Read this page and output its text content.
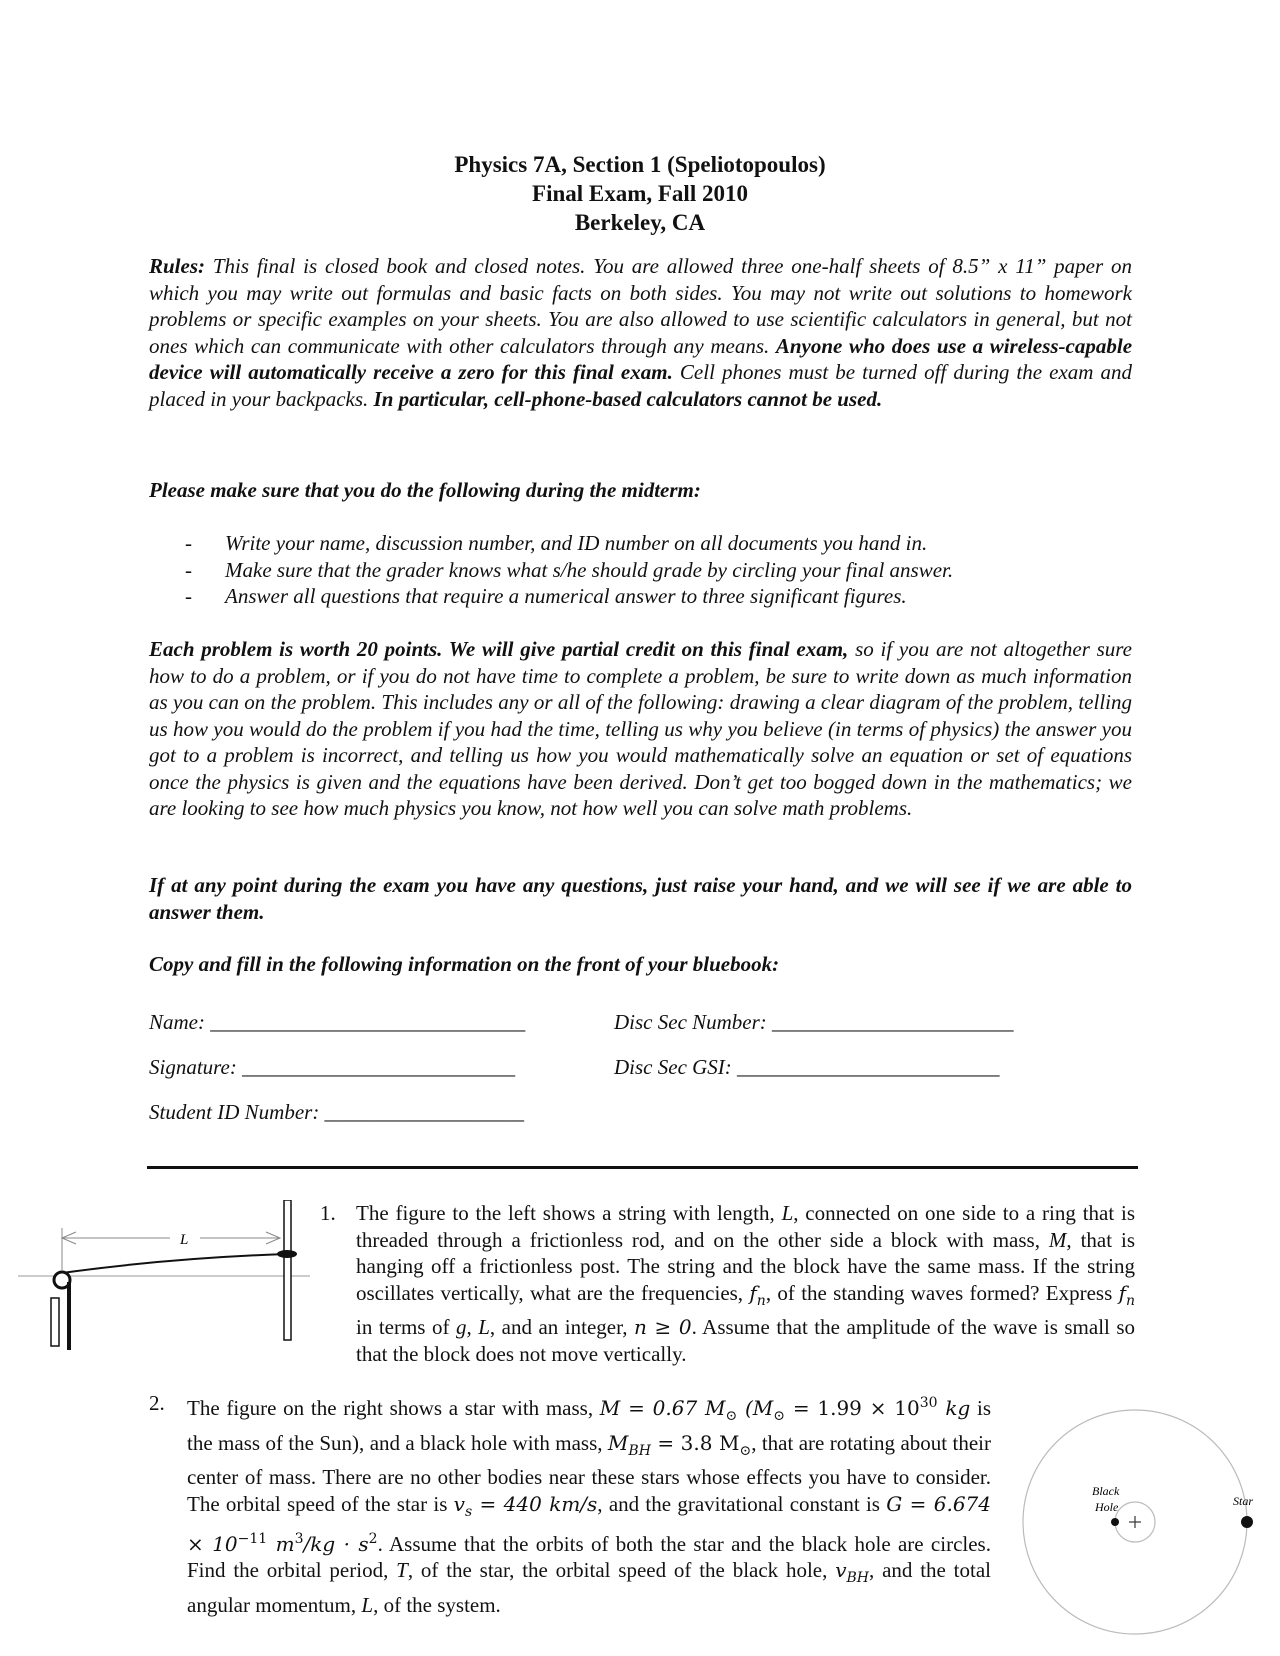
Physics 7A, Section 1 (Speliotopoulos)
Final Exam, Fall 2010
Berkeley, CA
Rules: This final is closed book and closed notes. You are allowed three one-half sheets of 8.5” x 11” paper on which you may write out formulas and basic facts on both sides. You may not write out solutions to homework problems or specific examples on your sheets. You are also allowed to use scientific calculators in general, but not ones which can communicate with other calculators through any means. Anyone who does use a wireless-capable device will automatically receive a zero for this final exam. Cell phones must be turned off during the exam and placed in your backpacks. In particular, cell-phone-based calculators cannot be used.
Please make sure that you do the following during the midterm:
-	Write your name, discussion number, and ID number on all documents you hand in.
-	Make sure that the grader knows what s/he should grade by circling your final answer.
-	Answer all questions that require a numerical answer to three significant figures.
Each problem is worth 20 points. We will give partial credit on this final exam, so if you are not altogether sure how to do a problem, or if you do not have time to complete a problem, be sure to write down as much information as you can on the problem. This includes any or all of the following: drawing a clear diagram of the problem, telling us how you would do the problem if you had the time, telling us why you believe (in terms of physics) the answer you got to a problem is incorrect, and telling us how you would mathematically solve an equation or set of equations once the physics is given and the equations have been derived. Don’t get too bogged down in the mathematics; we are looking to see how much physics you know, not how well you can solve math problems.
If at any point during the exam you have any questions, just raise your hand, and we will see if we are able to answer them.
Copy and fill in the following information on the front of your bluebook:
Name: ______________________________	Disc Sec Number: _______________________
Signature: __________________________	Disc Sec GSI: _________________________
Student ID Number: ___________________
L
1. The figure to the left shows a string with length, L, connected on one side to a ring that is threaded through a frictionless rod, and on the other side a block with mass, M, that is hanging off a frictionless post. The string and the block have the same mass. If the string oscillates vertically, what are the frequencies, $f_n$, of the standing waves formed? Express $f_n$ in terms of g, L, and an integer, n ≥ 0. Assume that the amplitude of the wave is small so that the block does not move vertically.
2. The figure on the right shows a star with mass, M = 0.67 $M_⊙$ ($M_⊙ = 1.99 \times 10^{30}$ kg is the mass of the Sun), and a black hole with mass, $M_{BH} = 3.8$ $M_⊙$, that are rotating about their center of mass. There are no other bodies near these stars whose effects you have to consider. The orbital speed of the star is $v_s = 440$ km/s, and the gravitational constant is $G = 6.674 \times 10^{-11}$ $m^3/kg \cdot s^2$. Assume that the orbits of both the star and the black hole are circles. Find the orbital period, T, of the star, the orbital speed of the black hole, $v_{BH}$, and the total angular momentum, L, of the system.
Black
Hole	Star
